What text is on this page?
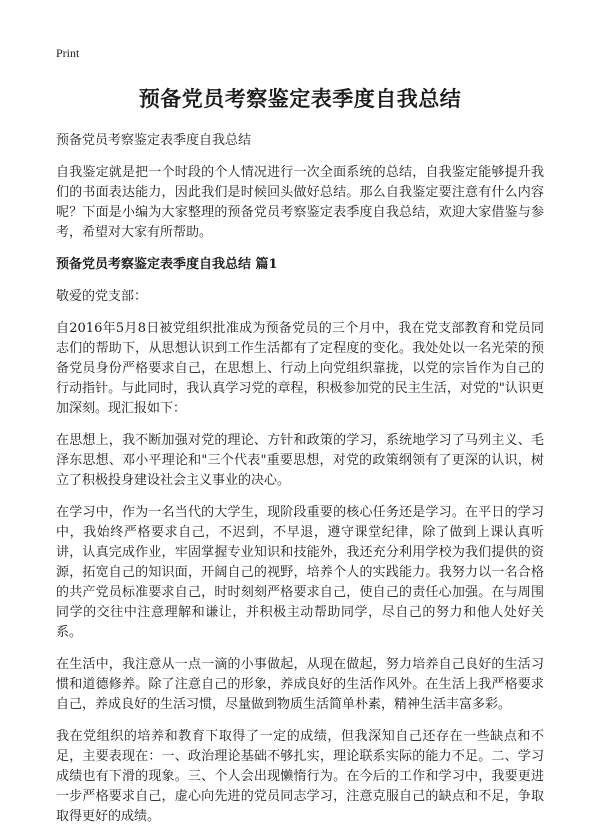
Print
预备党员考察鉴定表季度自我总结
预备党员考察鉴定表季度自我总结

自我鉴定就是把一个时段的个人情况进行一次全面系统的总结，自我鉴定能够提升我们的书面表达能力，因此我们是时候回头做好总结。那么自我鉴定要注意有什么内容呢？下面是小编为大家整理的预备党员考察鉴定表季度自我总结，欢迎大家借鉴与参考，希望对大家有所帮助。

预备党员考察鉴定表季度自我总结 篇1
敬爱的党支部：

自2016年5月8日被党组织批准成为预备党员的三个月中，我在党支部教育和党员同志们的帮助下，从思想认识到工作生活都有了定程度的变化。我处处以一名光荣的预备党员身份严格要求自己，在思想上、行动上向党组织靠拢，以党的宗旨作为自己的行动指针。与此同时，我认真学习党的章程，积极参加党的民主生活，对党的"认识更加深刻。现汇报如下：

在思想上，我不断加强对党的理论、方针和政策的学习，系统地学习了马列主义、毛泽东思想、邓小平理论和"三个代表"重要思想，对党的政策纲领有了更深的认识，树立了积极投身建设社会主义事业的决心。

在学习中，作为一名当代的大学生，现阶段重要的核心任务还是学习。在平日的学习中，我始终严格要求自己，不迟到，不早退，遵守课堂纪律，除了做到上课认真听讲，认真完成作业，牢固掌握专业知识和技能外，我还充分利用学校为我们提供的资源，拓宽自己的知识面，开阔自己的视野，培养个人的实践能力。我努力以一名合格的共产党员标准要求自己，时时刻刻严格要求自己，使自己的责任心加强。在与周围同学的交往中注意理解和谦让，并积极主动帮助同学，尽自己的努力和他人处好关系。

在生活中，我注意从一点一滴的小事做起，从现在做起，努力培养自己良好的生活习惯和道德修养。除了注意自己的形象，养成良好的生活作风外。在生活上我严格要求自己，养成良好的生活习惯，尽量做到物质生活简单朴素，精神生活丰富多彩。

我在党组织的培养和教育下取得了一定的成绩，但我深知自己还存在一些缺点和不足，主要表现在：一、政治理论基础不够扎实，理论联系实际的能力不足。二、学习成绩也有下滑的现象。三、个人会出现懒惰行为。在今后的工作和学习中，我要更进一步严格要求自己，虚心向先进的党员同志学习，注意克服自己的缺点和不足，争取取得更好的成绩。
